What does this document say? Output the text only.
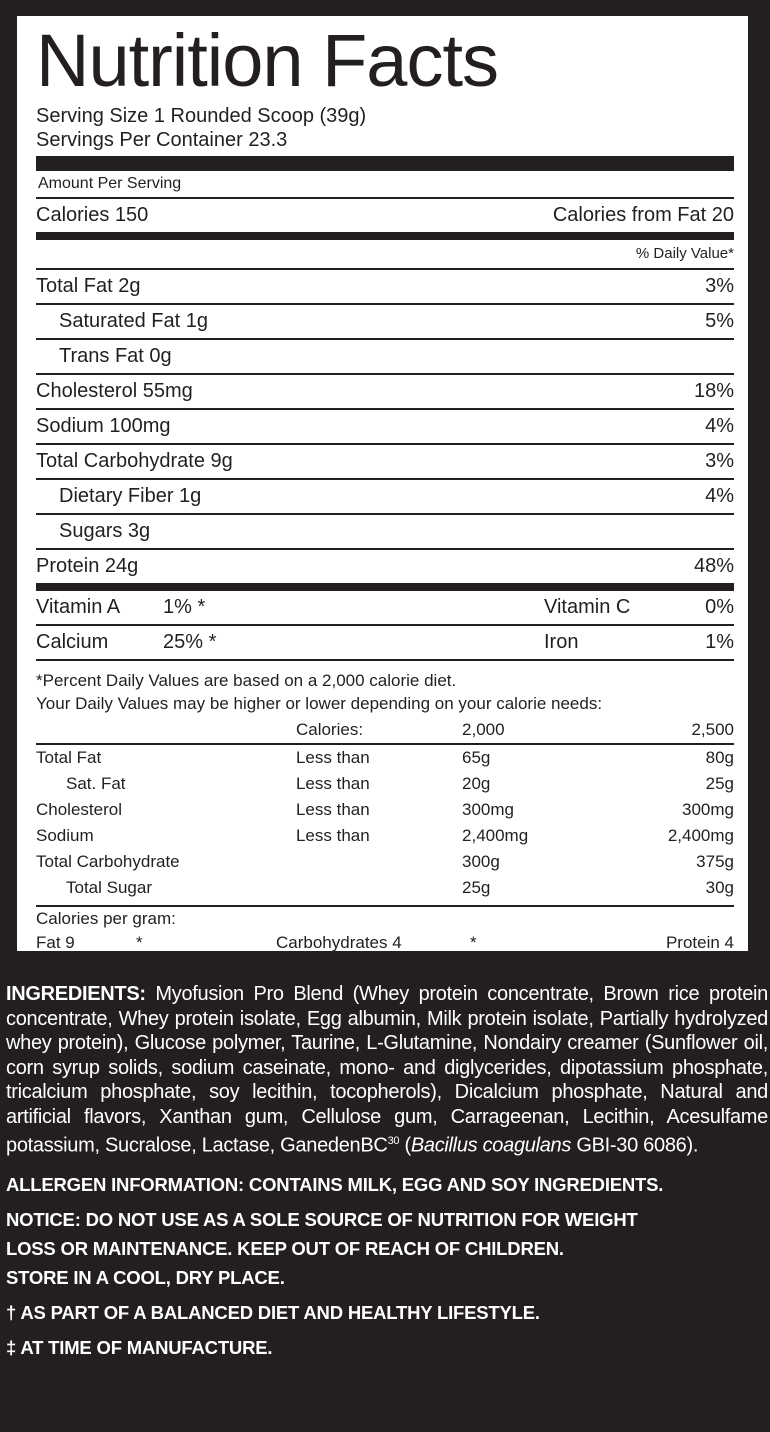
Nutrition Facts
Serving Size 1 Rounded Scoop (39g)
Servings Per Container 23.3
Amount Per Serving
Calories 150	Calories from Fat 20
% Daily Value*
Total Fat 2g	3%
Saturated Fat 1g	5%
Trans Fat 0g
Cholesterol 55mg	18%
Sodium 100mg	4%
Total Carbohydrate 9g	3%
Dietary Fiber 1g	4%
Sugars 3g
Protein 24g	48%
Vitamin A	1% *	Vitamin C	0%
Calcium	25% *	Iron	1%
*Percent Daily Values are based on a 2,000 calorie diet.
Your Daily Values may be higher or lower depending on your calorie needs:
	Calories:	2,000	2,500
Total Fat	Less than	65g	80g
Sat. Fat	Less than	20g	25g
Cholesterol	Less than	300mg	300mg
Sodium	Less than	2,400mg	2,400mg
Total Carbohydrate		300g	375g
Total Sugar		25g	30g
Calories per gram:
Fat 9	*	Carbohydrates 4	*	Protein 4
INGREDIENTS: Myofusion Pro Blend (Whey protein concentrate, Brown rice protein concentrate, Whey protein isolate, Egg albumin, Milk protein isolate, Partially hydrolyzed whey protein), Glucose polymer, Taurine, L-Glutamine, Nondairy creamer (Sunflower oil, corn syrup solids, sodium caseinate, mono- and diglycerides, dipotassium phosphate, tricalcium phosphate, soy lecithin, tocopherols), Dicalcium phosphate, Natural and artificial flavors, Xanthan gum, Cellulose gum, Carrageenan, Lecithin, Acesulfame potassium, Sucralose, Lactase, GanedenBC$^{30}$ (Bacillus coagulans GBI-30 6086).
ALLERGEN INFORMATION: CONTAINS MILK, EGG AND SOY INGREDIENTS.
NOTICE: DO NOT USE AS A SOLE SOURCE OF NUTRITION FOR WEIGHT
LOSS OR MAINTENANCE. KEEP OUT OF REACH OF CHILDREN.
STORE IN A COOL, DRY PLACE.
† AS PART OF A BALANCED DIET AND HEALTHY LIFESTYLE.
‡ AT TIME OF MANUFACTURE.
